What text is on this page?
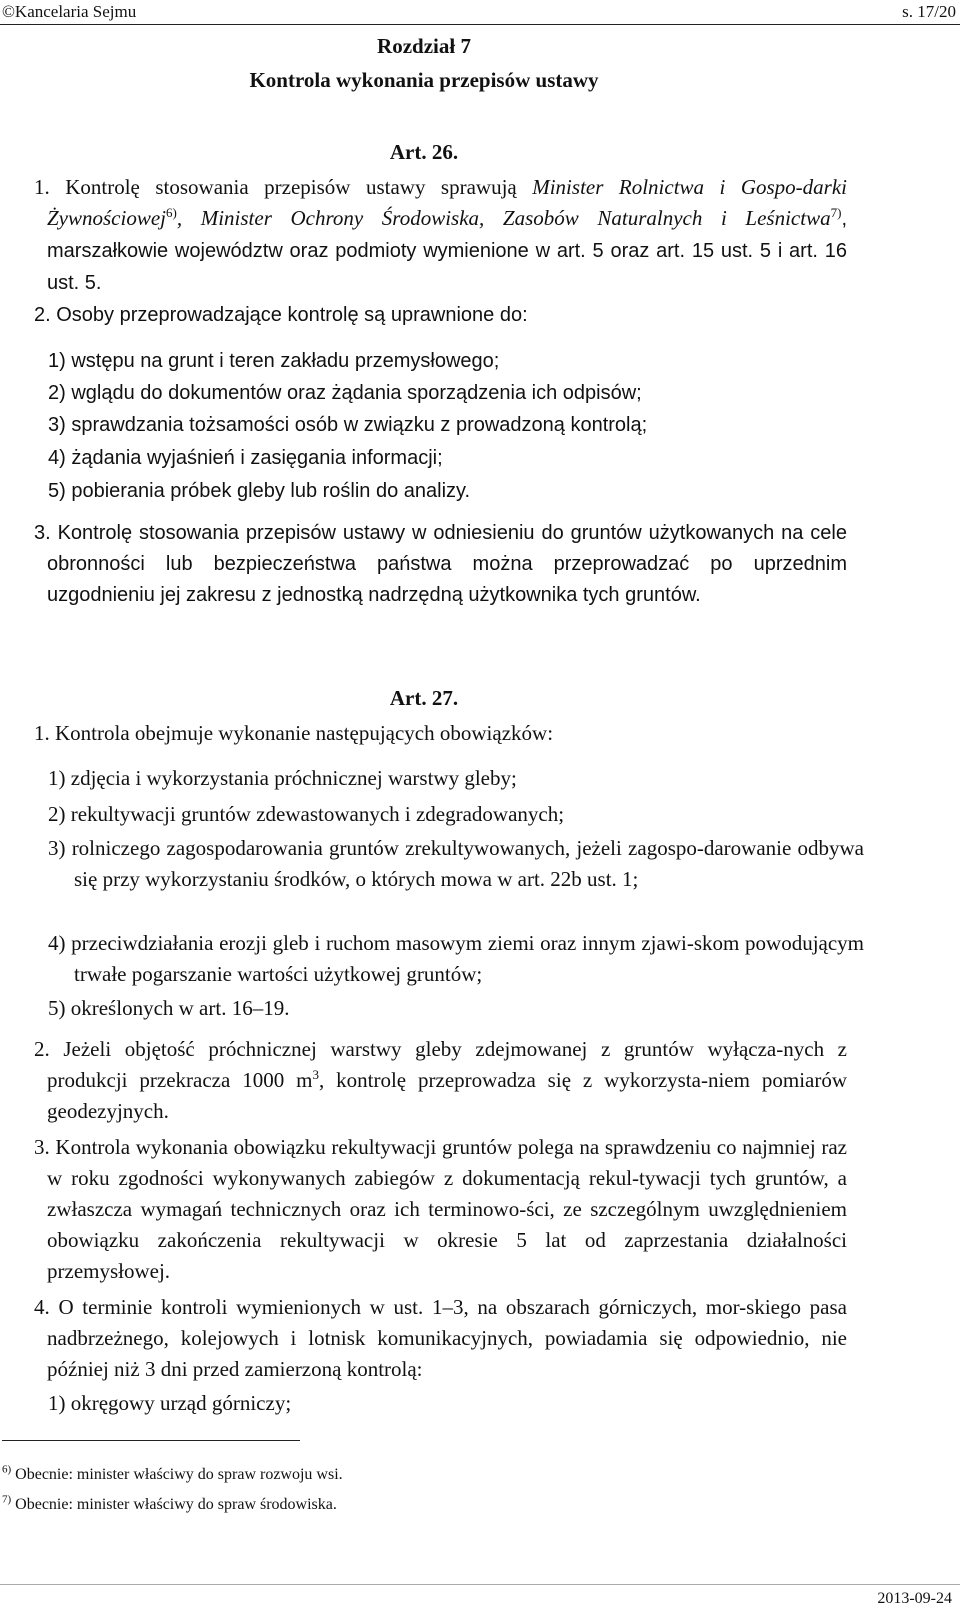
©Kancelaria Sejmu	s. 17/20
Rozdział 7
Kontrola wykonania przepisów ustawy
Art. 26.
1. Kontrolę stosowania przepisów ustawy sprawują Minister Rolnictwa i Gospo-darki Żywnościowej$^{6)}$, Minister Ochrony Środowiska, Zasobów Naturalnych i Leśnictwa$^{7)}$, marszałkowie województw oraz podmioty wymienione w art. 5 oraz art. 15 ust. 5 i art. 16 ust. 5.
2. Osoby przeprowadzające kontrolę są uprawnione do:
1) wstępu na grunt i teren zakładu przemysłowego;
2) wglądu do dokumentów oraz żądania sporządzenia ich odpisów;
3) sprawdzania tożsamości osób w związku z prowadzoną kontrolą;
4) żądania wyjaśnień i zasięgania informacji;
5) pobierania próbek gleby lub roślin do analizy.
3. Kontrolę stosowania przepisów ustawy w odniesieniu do gruntów użytkowanych na cele obronności lub bezpieczeństwa państwa można przeprowadzać po uprzednim uzgodnieniu jej zakresu z jednostką nadrzędną użytkownika tych gruntów.
Art. 27.
1. Kontrola obejmuje wykonanie następujących obowiązków:
1) zdjęcia i wykorzystania próchnicznej warstwy gleby;
2) rekultywacji gruntów zdewastowanych i zdegradowanych;
3) rolniczego zagospodarowania gruntów zrekultywowanych, jeżeli zagospo-darowanie odbywa się przy wykorzystaniu środków, o których mowa w art. 22b ust. 1;
4) przeciwdziałania erozji gleb i ruchom masowym ziemi oraz innym zjawi-skom powodującym trwałe pogarszanie wartości użytkowej gruntów;
5) określonych w art. 16–19.
2. Jeżeli objętość próchnicznej warstwy gleby zdejmowanej z gruntów wyłącza-nych z produkcji przekracza 1000 $m^3$, kontrolę przeprowadza się z wykorzysta-niem pomiarów geodezyjnych.
3. Kontrola wykonania obowiązku rekultywacji gruntów polega na sprawdzeniu co najmniej raz w roku zgodności wykonywanych zabiegów z dokumentacją rekul-tywacji tych gruntów, a zwłaszcza wymagań technicznych oraz ich terminowo-ści, ze szczególnym uwzględnieniem obowiązku zakończenia rekultywacji w okresie 5 lat od zaprzestania działalności przemysłowej.
4. O terminie kontroli wymienionych w ust. 1–3, na obszarach górniczych, mor-skiego pasa nadbrzeżnego, kolejowych i lotnisk komunikacyjnych, powiadamia się odpowiednio, nie później niż 3 dni przed zamierzoną kontrolą:
1) okręgowy urząd górniczy;
$^{6)}$ Obecnie: minister właściwy do spraw rozwoju wsi.
$^{7)}$ Obecnie: minister właściwy do spraw środowiska.
2013-09-24
